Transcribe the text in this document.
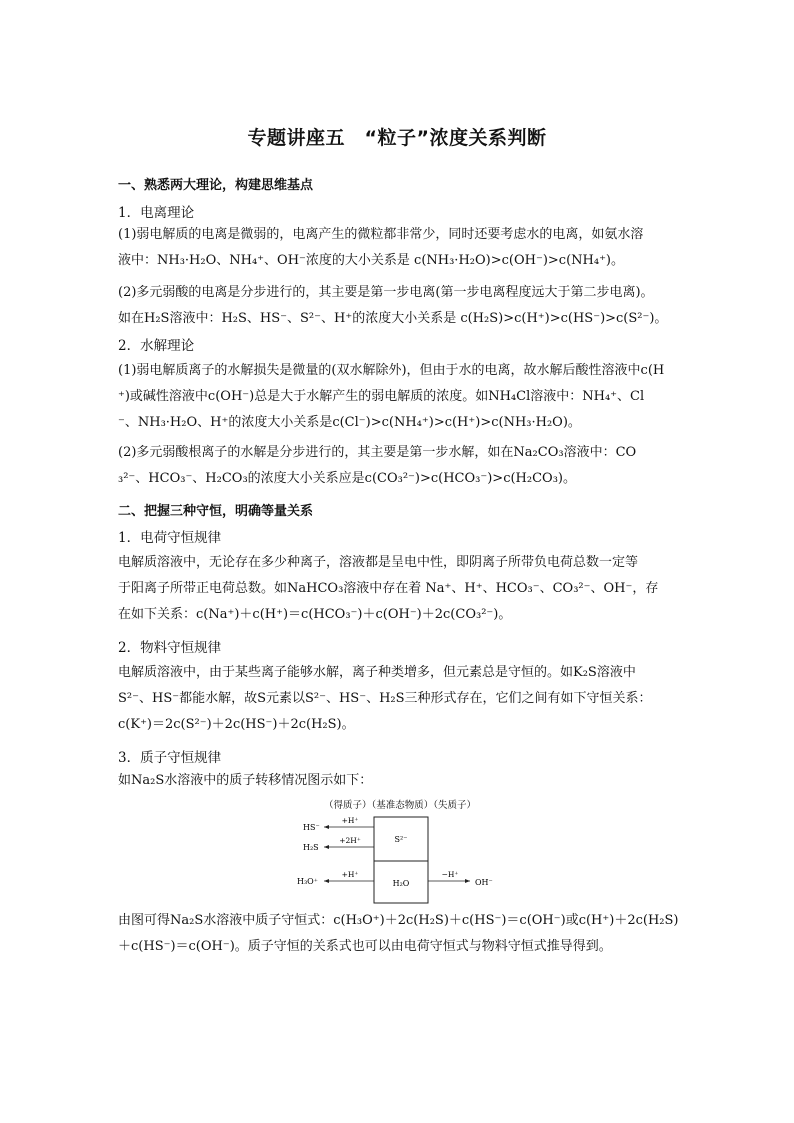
专题讲座五　“粒子”浓度关系判断
一、熟悉两大理论，构建思维基点
1．电离理论
(1)弱电解质的电离是微弱的，电离产生的微粒都非常少，同时还要考虑水的电离，如氨水溶
液中：NH₃·H₂O、NH₄⁺、OH⁻浓度的大小关系是 c(NH₃·H₂O)>c(OH⁻)>c(NH₄⁺)。
(2)多元弱酸的电离是分步进行的，其主要是第一步电离(第一步电离程度远大于第二步电离)。
如在H₂S溶液中：H₂S、HS⁻、S²⁻、H⁺的浓度大小关系是 c(H₂S)>c(H⁺)>c(HS⁻)>c(S²⁻)。
2．水解理论
(1)弱电解质离子的水解损失是微量的(双水解除外)，但由于水的电离，故水解后酸性溶液中c(H
⁺)或碱性溶液中c(OH⁻)总是大于水解产生的弱电解质的浓度。如NH₄Cl溶液中：NH₄⁺、Cl
⁻、NH₃·H₂O、H⁺的浓度大小关系是c(Cl⁻)>c(NH₄⁺)>c(H⁺)>c(NH₃·H₂O)。
(2)多元弱酸根离子的水解是分步进行的，其主要是第一步水解，如在Na₂CO₃溶液中：CO
₃²⁻、HCO₃⁻、H₂CO₃的浓度大小关系应是c(CO₃²⁻)>c(HCO₃⁻)>c(H₂CO₃)。
二、把握三种守恒，明确等量关系
1．电荷守恒规律
电解质溶液中，无论存在多少种离子，溶液都是呈电中性，即阴离子所带负电荷总数一定等
于阳离子所带正电荷总数。如NaHCO₃溶液中存在着 Na⁺、H⁺、HCO₃⁻、CO₃²⁻、OH⁻，存
在如下关系：c(Na⁺)＋c(H⁺)＝c(HCO₃⁻)＋c(OH⁻)＋2c(CO₃²⁻)。
2．物料守恒规律
电解质溶液中，由于某些离子能够水解，离子种类增多，但元素总是守恒的。如K₂S溶液中
S²⁻、HS⁻都能水解，故S元素以S²⁻、HS⁻、H₂S三种形式存在，它们之间有如下守恒关系：
c(K⁺)＝2c(S²⁻)＋2c(HS⁻)＋2c(H₂S)。
3．质子守恒规律
如Na₂S水溶液中的质子转移情况图示如下：
（得质子）（基准态物质）（失质子）
S²⁻
H₂O
HS⁻
H₂S
H₃O⁺
+H⁺
+2H⁺
+H⁺	−H⁺
OH⁻
由图可得Na₂S水溶液中质子守恒式：c(H₃O⁺)＋2c(H₂S)＋c(HS⁻)＝c(OH⁻)或c(H⁺)＋2c(H₂S)
＋c(HS⁻)＝c(OH⁻)。质子守恒的关系式也可以由电荷守恒式与物料守恒式推导得到。
